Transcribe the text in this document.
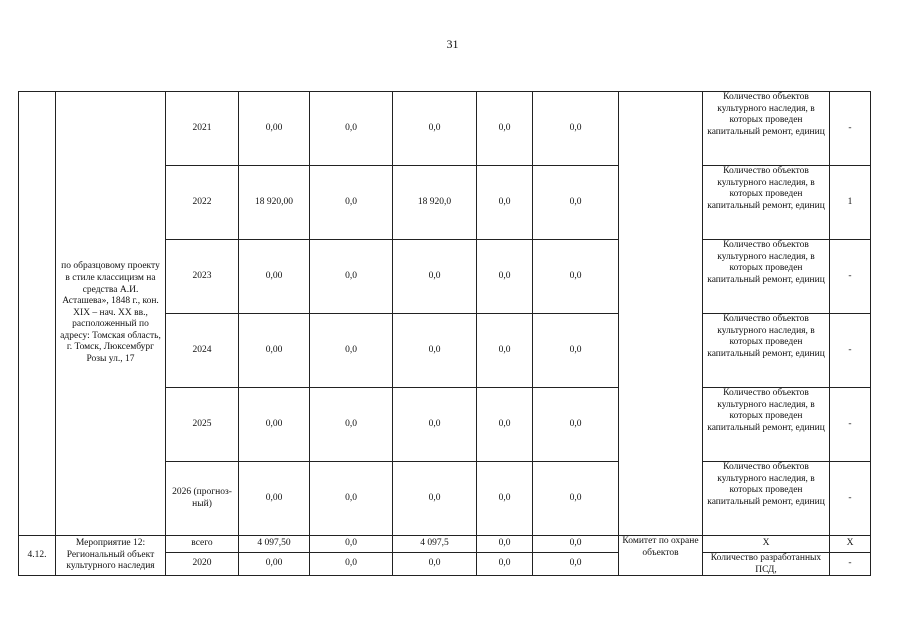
31
	по образцовому проекту в стиле классицизм на средства А.И. Асташева», 1848 г., кон. XIX – нач. XX вв., расположенный по адресу: Томская область, г. Томск, Люксембург Розы ул., 17	2021	0,00	0,0	0,0	0,0	0,0		Количество объектов культурного наследия, в которых проведен капитальный ремонт, единиц	-
		2022	18 920,00	0,0	18 920,0	0,0	0,0		Количество объектов культурного наследия, в которых проведен капитальный ремонт, единиц	1
		2023	0,00	0,0	0,0	0,0	0,0		Количество объектов культурного наследия, в которых проведен капитальный ремонт, единиц	-
		2024	0,00	0,0	0,0	0,0	0,0		Количество объектов культурного наследия, в которых проведен капитальный ремонт, единиц	-
		2025	0,00	0,0	0,0	0,0	0,0		Количество объектов культурного наследия, в которых проведен капитальный ремонт, единиц	-
		2026 (прогноз-ный)	0,00	0,0	0,0	0,0	0,0		Количество объектов культурного наследия, в которых проведен капитальный ремонт, единиц	-
4.12.	Мероприятие 12: Региональный объект культурного наследия	всего	4 097,50	0,0	4 097,5	0,0	0,0	Комитет по охране объектов	Х	Х
		2020	0,00	0,0	0,0	0,0	0,0		Количество разработанных ПСД,	-
